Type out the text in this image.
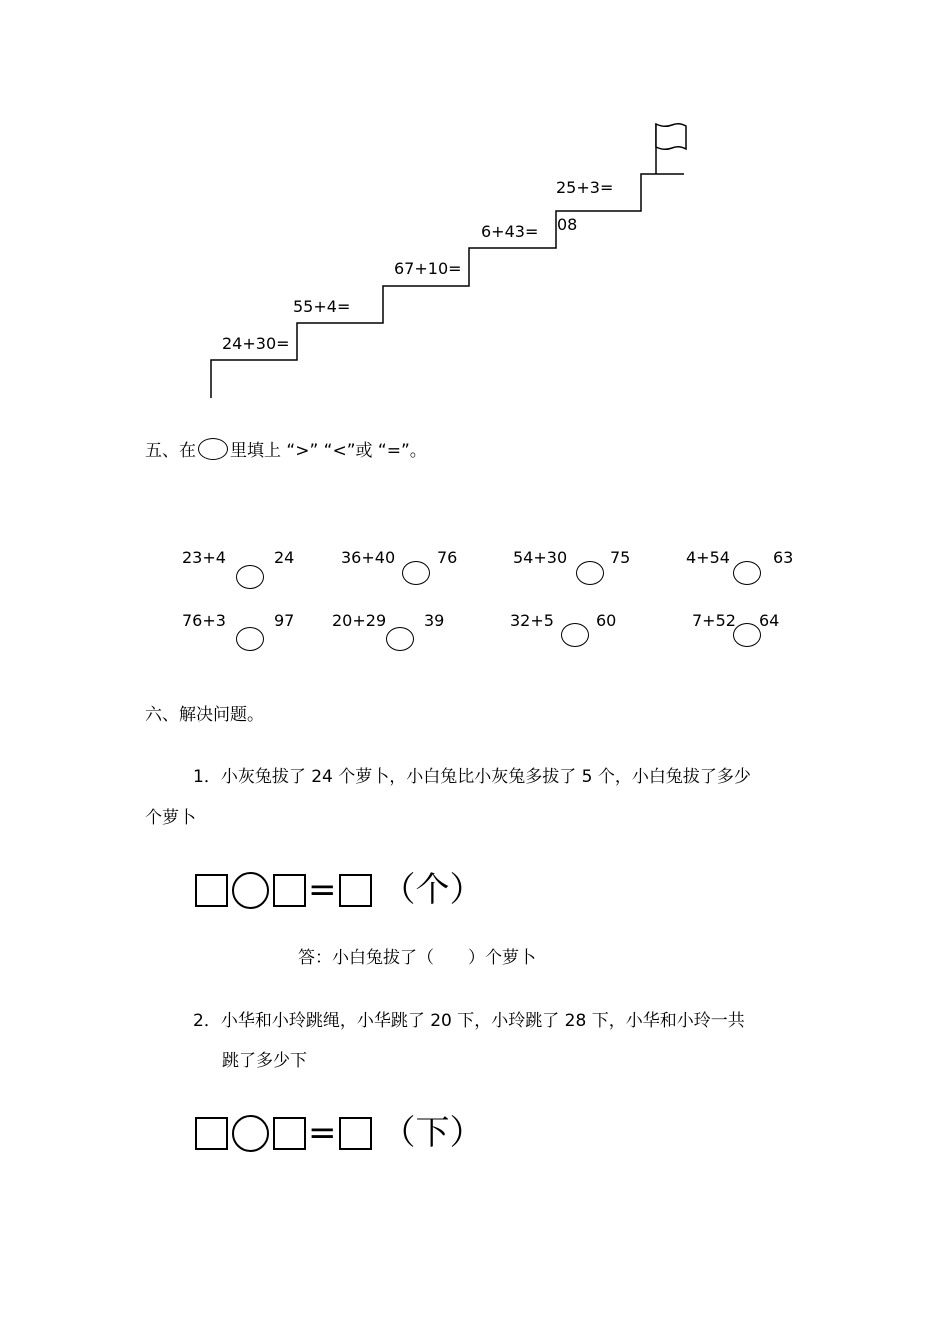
24+30=
55+4=
67+10=
6+43=
25+3=
08
五、在 里填上 “>” “<”或 “=”。
23+4	24	36+40	76	54+30	75	4+54	63
76+3	97 20+29 39	32+5	60	7+52 64
六、解决问题。
1．小灰兔拔了 24 个萝卜，小白兔比小灰兔多拔了 5 个，小白兔拔了多少
个萝卜
= （个）
答：小白兔拔了（　　）个萝卜
2．小华和小玲跳绳，小华跳了 20 下，小玲跳了 28 下，小华和小玲一共
跳了多少下
= （下）
